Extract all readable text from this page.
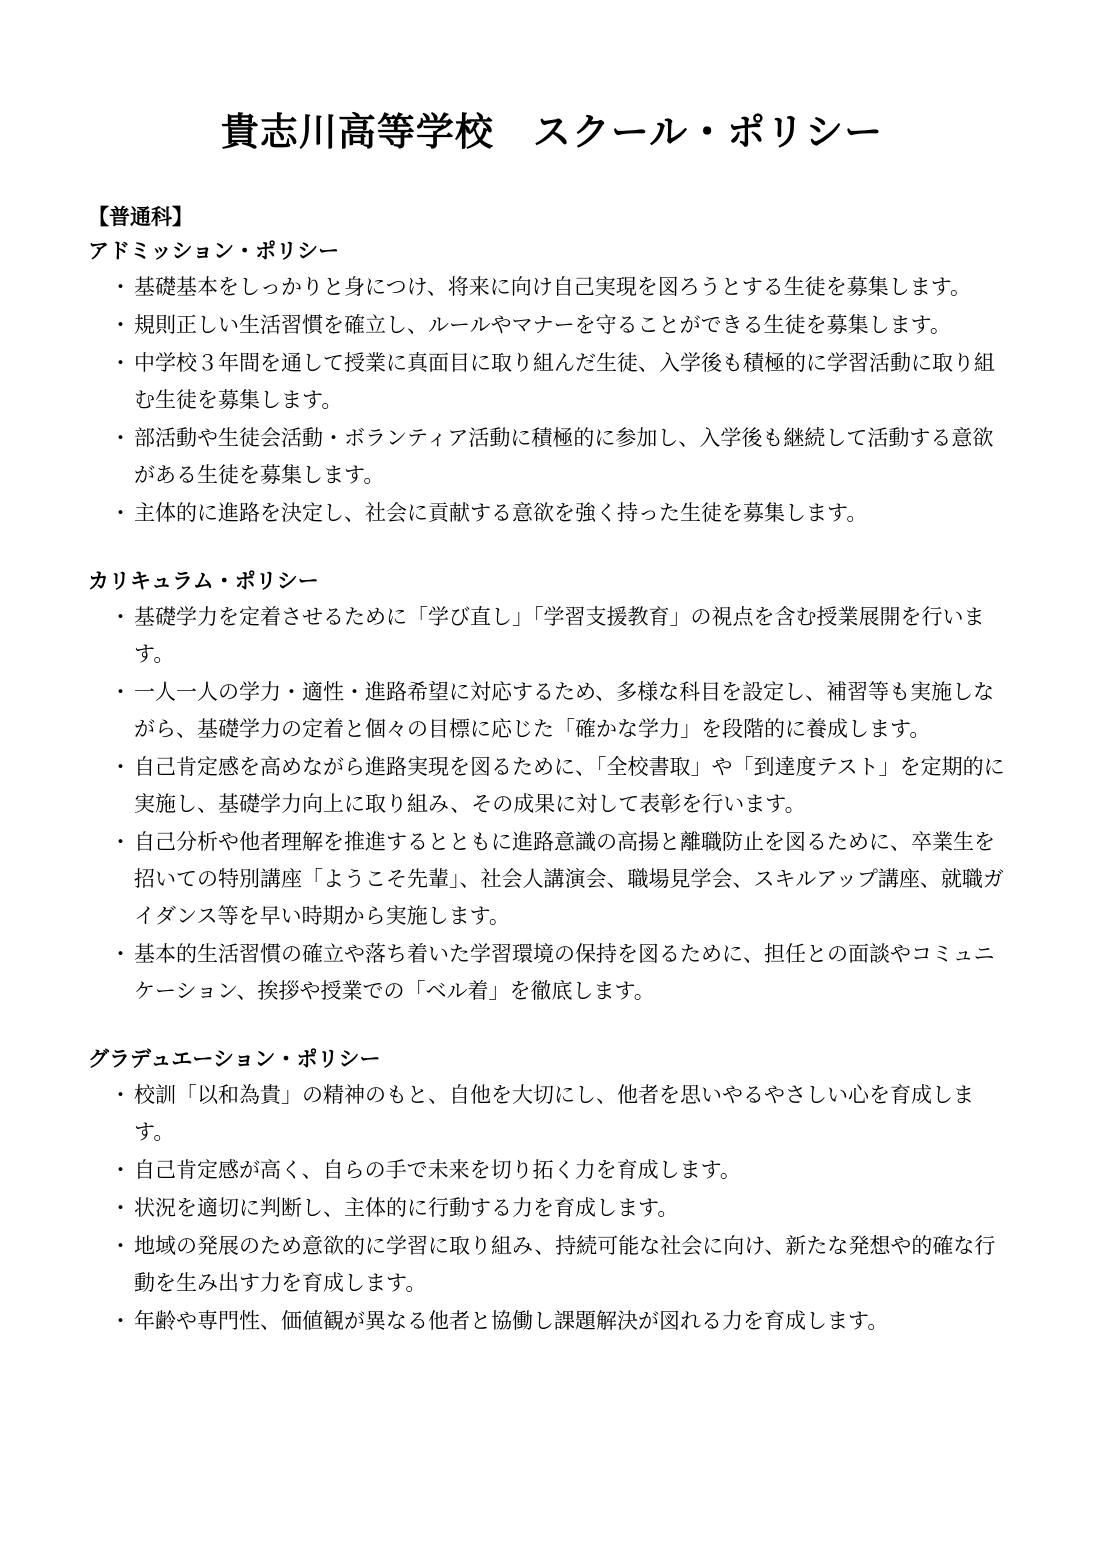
貴志川高等学校　スクール・ポリシー
【普通科】
アドミッション・ポリシー
・ 基礎基本をしっかりと身につけ、将来に向け自己実現を図ろうとする生徒を募集します。
・ 規則正しい生活習慣を確立し、ルールやマナーを守ることができる生徒を募集します。
・ 中学校３年間を通して授業に真面目に取り組んだ生徒、入学後も積極的に学習活動に取り組む生徒を募集します。
・ 部活動や生徒会活動・ボランティア活動に積極的に参加し、入学後も継続して活動する意欲がある生徒を募集します。
・ 主体的に進路を決定し、社会に貢献する意欲を強く持った生徒を募集します。
カリキュラム・ポリシー
・ 基礎学力を定着させるために「学び直し」「学習支援教育」の視点を含む授業展開を行います。
・ 一人一人の学力・適性・進路希望に対応するため、多様な科目を設定し、補習等も実施しながら、基礎学力の定着と個々の目標に応じた「確かな学力」を段階的に養成します。
・ 自己肯定感を高めながら進路実現を図るために、「全校書取」や「到達度テスト」を定期的に実施し、基礎学力向上に取り組み、その成果に対して表彰を行います。
・ 自己分析や他者理解を推進するとともに進路意識の高揚と離職防止を図るために、卒業生を招いての特別講座「ようこそ先輩」、社会人講演会、職場見学会、スキルアップ講座、就職ガイダンス等を早い時期から実施します。
・ 基本的生活習慣の確立や落ち着いた学習環境の保持を図るために、担任との面談やコミュニケーション、挨拶や授業での「ベル着」を徹底します。
グラデュエーション・ポリシー
・ 校訓「以和為貴」の精神のもと、自他を大切にし、他者を思いやるやさしい心を育成します。
・ 自己肯定感が高く、自らの手で未来を切り拓く力を育成します。
・ 状況を適切に判断し、主体的に行動する力を育成します。
・ 地域の発展のため意欲的に学習に取り組み、持続可能な社会に向け、新たな発想や的確な行動を生み出す力を育成します。
・ 年齢や専門性、価値観が異なる他者と協働し課題解決が図れる力を育成します。
